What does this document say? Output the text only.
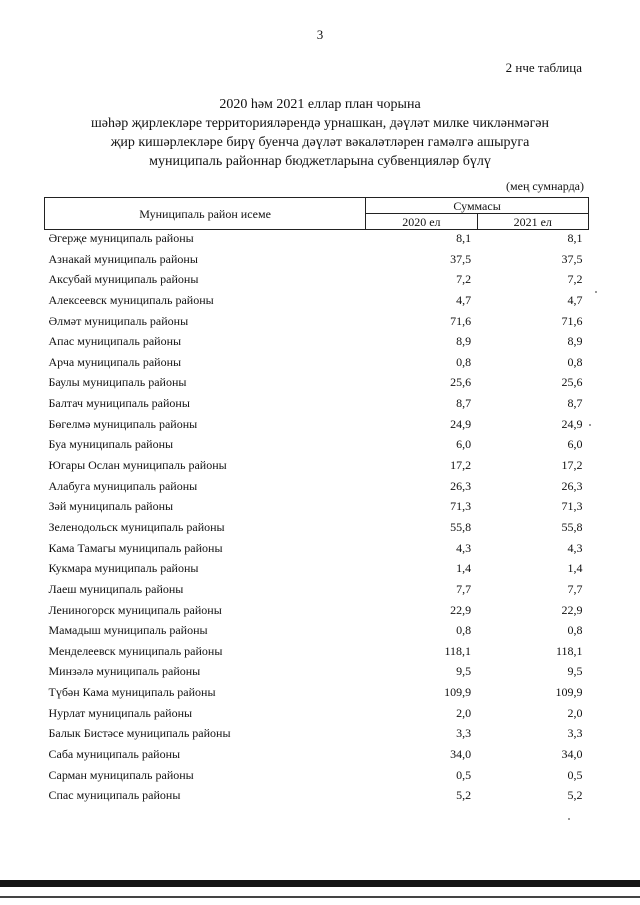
3
2 нче таблица
2020 һәм 2021 еллар план чорына
шәһәр җирлекләре территорияләрендә урнашкан, дәүләт милке чикләнмәгән
җир кишәрлекләре бирү буенча дәүләт вәкаләтләрен гамәлгә ашыруга
муниципаль районнар бюджетларына субвенцияләр бүлү
(мең сумнарда)
Муниципаль район исеме	Суммасы	
	2020 ел	2021 ел
Әгерҗе муниципаль районы	8,1	8,1
Азнакай муниципаль районы	37,5	37,5
Аксубай муниципаль районы	7,2	7,2
Алексеевск муниципаль районы	4,7	4,7
Әлмәт муниципаль районы	71,6	71,6
Апас муниципаль районы	8,9	8,9
Арча муниципаль районы	0,8	0,8
Баулы муниципаль районы	25,6	25,6
Балтач муниципаль районы	8,7	8,7
Бөгелмә муниципаль районы	24,9	24,9
Буа муниципаль районы	6,0	6,0
Югары Ослан муниципаль районы	17,2	17,2
Алабуга муниципаль районы	26,3	26,3
Зәй муниципаль районы	71,3	71,3
Зеленодольск муниципаль районы	55,8	55,8
Кама Тамагы муниципаль районы	4,3	4,3
Кукмара муниципаль районы	1,4	1,4
Лаеш муниципаль районы	7,7	7,7
Лениногорск муниципаль районы	22,9	22,9
Мамадыш муниципаль районы	0,8	0,8
Менделеевск муниципаль районы	118,1	118,1
Минзәлә муниципаль районы	9,5	9,5
Түбән Кама муниципаль районы	109,9	109,9
Нурлат муниципаль районы	2,0	2,0
Балык Бистәсе муниципаль районы	3,3	3,3
Саба муниципаль районы	34,0	34,0
Сарман муниципаль районы	0,5	0,5
Спас муниципаль районы	5,2	5,2
